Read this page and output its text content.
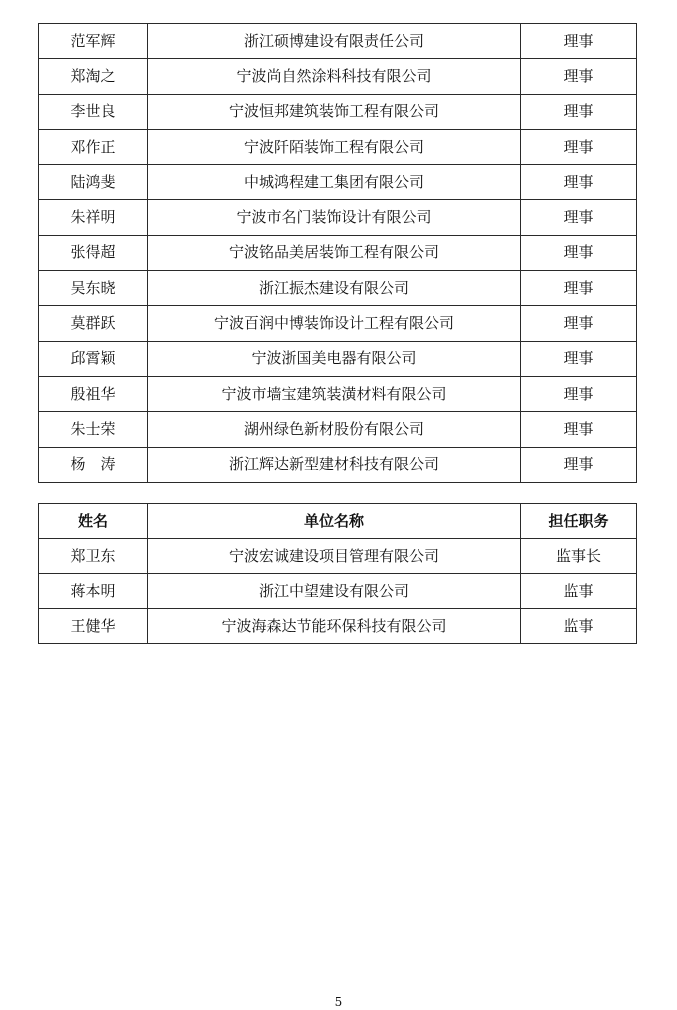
范军辉	浙江硕博建设有限责任公司	理事
郑淘之	宁波尚自然涂料科技有限公司	理事
李世良	宁波恒邦建筑装饰工程有限公司	理事
邓作正	宁波阡陌装饰工程有限公司	理事
陆鸿斐	中城鸿程建工集团有限公司	理事
朱祥明	宁波市名门装饰设计有限公司	理事
张得超	宁波铭品美居装饰工程有限公司	理事
吴东晓	浙江振杰建设有限公司	理事
莫群跃	宁波百润中博装饰设计工程有限公司	理事
邱霄颖	宁波浙国美电器有限公司	理事
殷祖华	宁波市墙宝建筑装潢材料有限公司	理事
朱士荣	湖州绿色新材股份有限公司	理事
杨　涛	浙江辉达新型建材科技有限公司	理事
姓名	单位名称	担任职务
郑卫东	宁波宏诚建设项目管理有限公司	监事长
蒋本明	浙江中望建设有限公司	监事
王健华	宁波海森达节能环保科技有限公司	监事
5
